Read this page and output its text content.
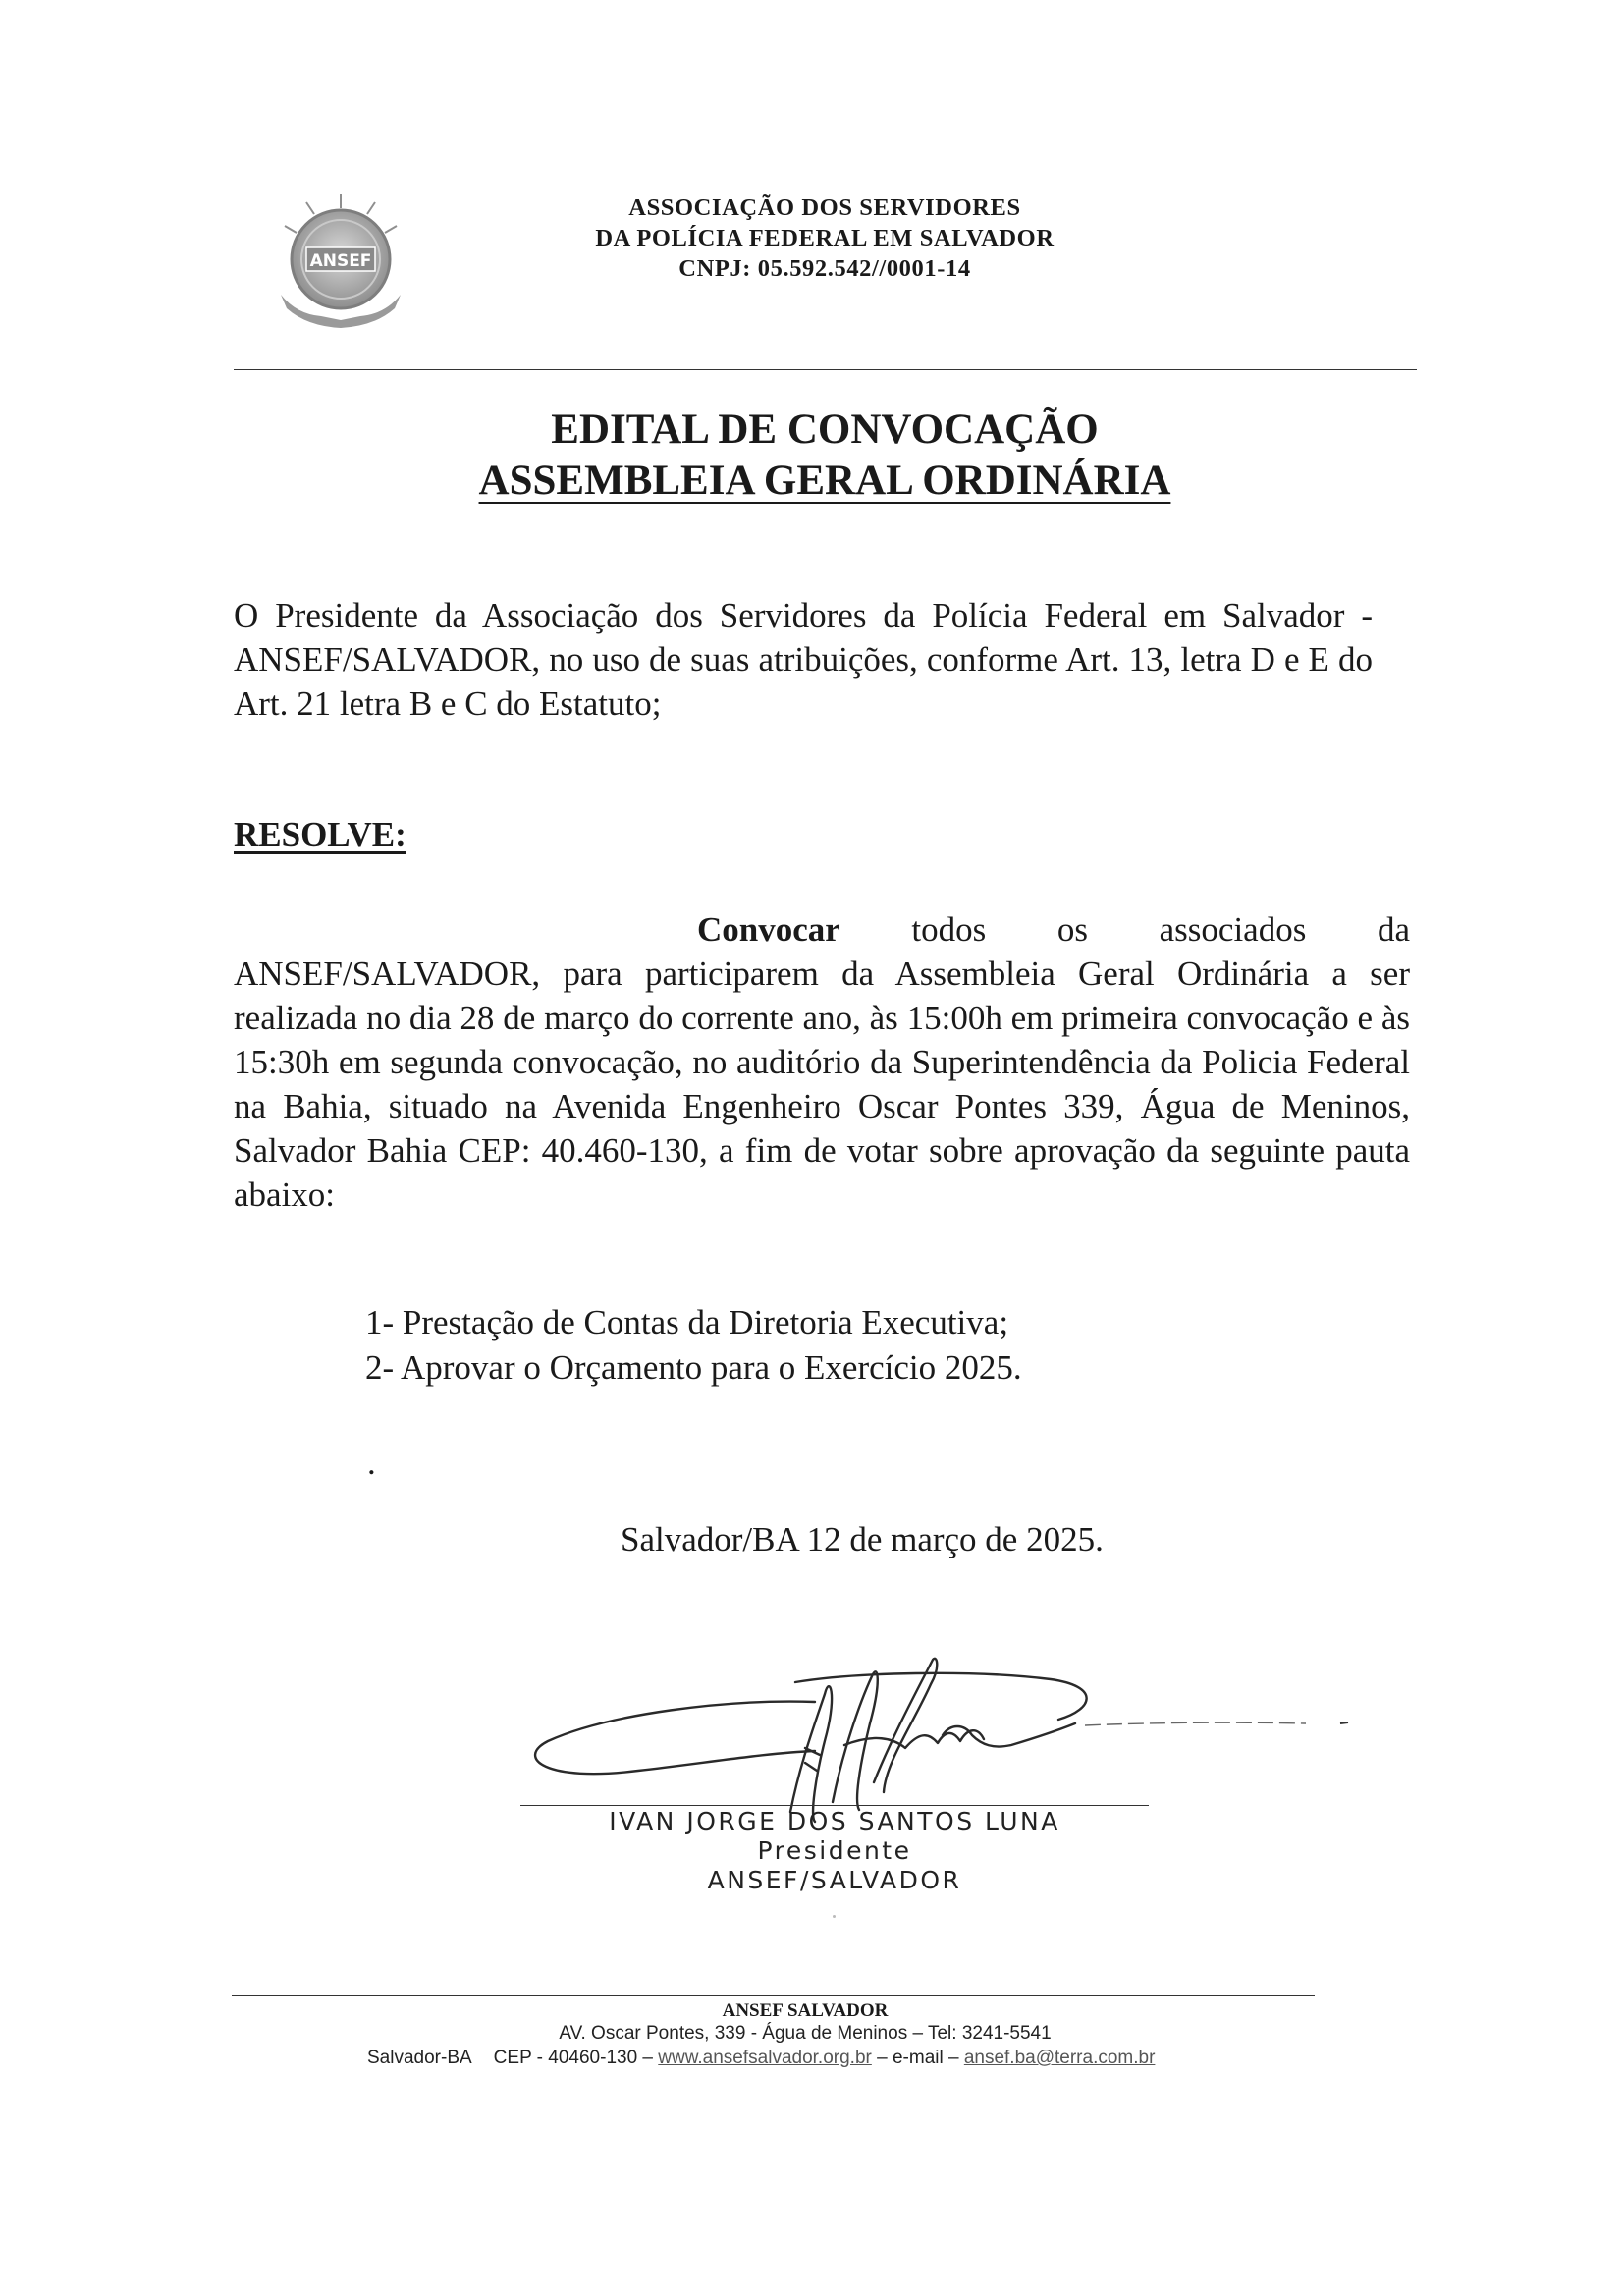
ANSEF
ASSOCIAÇÃO DOS SERVIDORES
DA POLÍCIA FEDERAL EM SALVADOR
CNPJ: 05.592.542//0001-14
EDITAL DE CONVOCAÇÃO
ASSEMBLEIA GERAL ORDINÁRIA
O Presidente da Associação dos Servidores da Polícia Federal em Salvador - ANSEF/SALVADOR, no uso de suas atribuições, conforme Art. 13, letra D e E do Art. 21 letra B e C do Estatuto;
RESOLVE:
Convocar todos os associados da ANSEF/SALVADOR, para participarem da Assembleia Geral Ordinária a ser realizada no dia 28 de março do corrente ano, às 15:00h em primeira convocação e às 15:30h em segunda convocação, no auditório da Superintendência da Policia Federal na Bahia, situado na Avenida Engenheiro Oscar Pontes 339, Água de Meninos, Salvador Bahia CEP: 40.460-130, a fim de votar sobre aprovação da seguinte pauta abaixo:
1- Prestação de Contas da Diretoria Executiva;
2- Aprovar o Orçamento para o Exercício 2025.
.
Salvador/BA 12 de março de 2025.
IVAN JORGE DOS SANTOS LUNA
Presidente
ANSEF/SALVADOR
ANSEF SALVADOR
AV. Oscar Pontes, 339 - Água de Meninos – Tel: 3241-5541
Salvador-BA CEP - 40460-130 – www.ansefsalvador.org.br – e-mail – ansef.ba@terra.com.br
